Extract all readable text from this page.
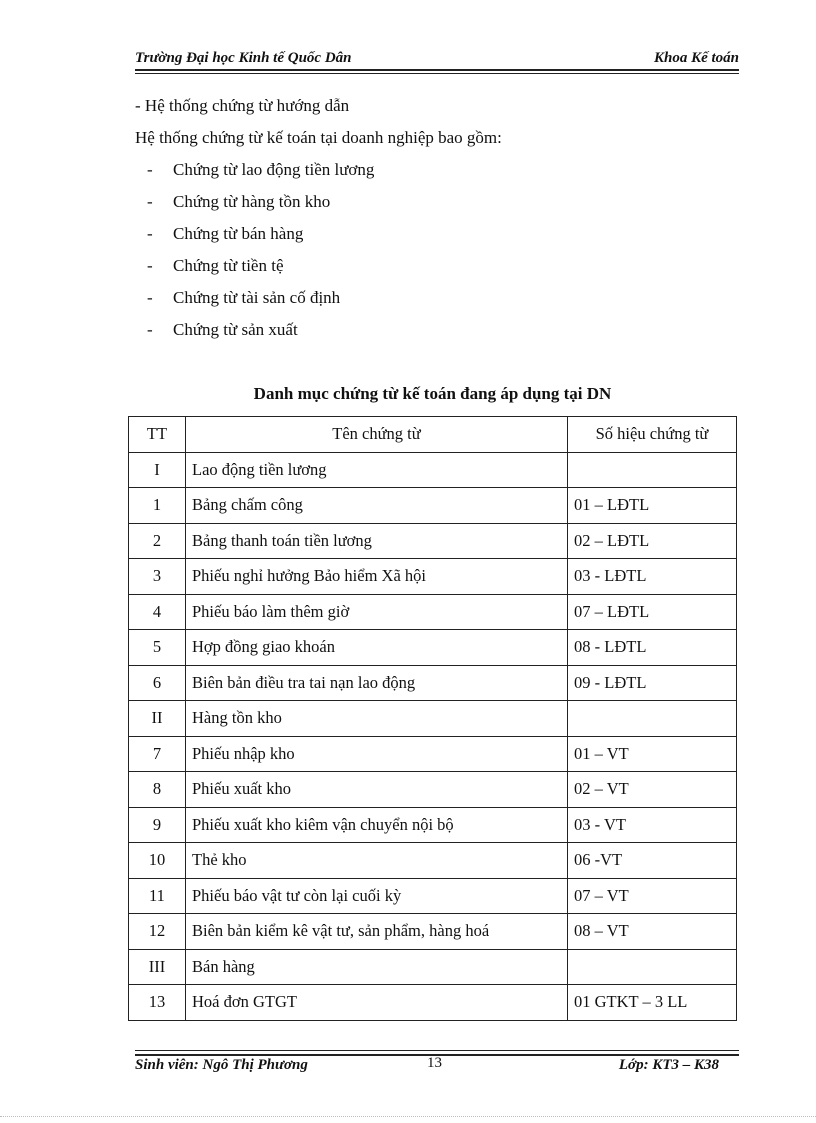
Trường Đại học Kinh tế Quốc Dân	Khoa Kế toán
- Hệ thống chứng từ hướng dẫn
Hệ thống chứng từ kế toán tại doanh nghiệp bao gồm:
- Chứng từ lao động tiền lương
- Chứng từ hàng tồn kho
- Chứng từ bán hàng
- Chứng từ tiền tệ
- Chứng từ tài sản cố định
- Chứng từ sản xuất
Danh mục chứng từ kế toán đang áp dụng tại DN
TT	Tên chứng từ	Số hiệu chứng từ
I	Lao động tiền lương	
1	Bảng chấm công	01 – LĐTL
2	Bảng thanh toán tiền lương	02 – LĐTL
3	Phiếu nghỉ hưởng Bảo hiểm Xã hội	03 - LĐTL
4	Phiếu báo làm thêm giờ	07 – LĐTL
5	Hợp đồng giao khoán	08 - LĐTL
6	Biên bản điều tra tai nạn lao động	09 - LĐTL
II	Hàng tồn kho	
7	Phiếu nhập kho	01 – VT
8	Phiếu xuất kho	02 – VT
9	Phiếu xuất kho kiêm vận chuyển nội bộ	03 - VT
10	Thẻ kho	06 -VT
11	Phiếu báo vật tư còn lại cuối kỳ	07 – VT
12	Biên bản kiểm kê vật tư, sản phẩm, hàng hoá	08 – VT
III	Bán hàng	
13	Hoá đơn GTGT	01 GTKT – 3 LL
Sinh viên: Ngô Thị Phương	13	Lớp: KT3 – K38
